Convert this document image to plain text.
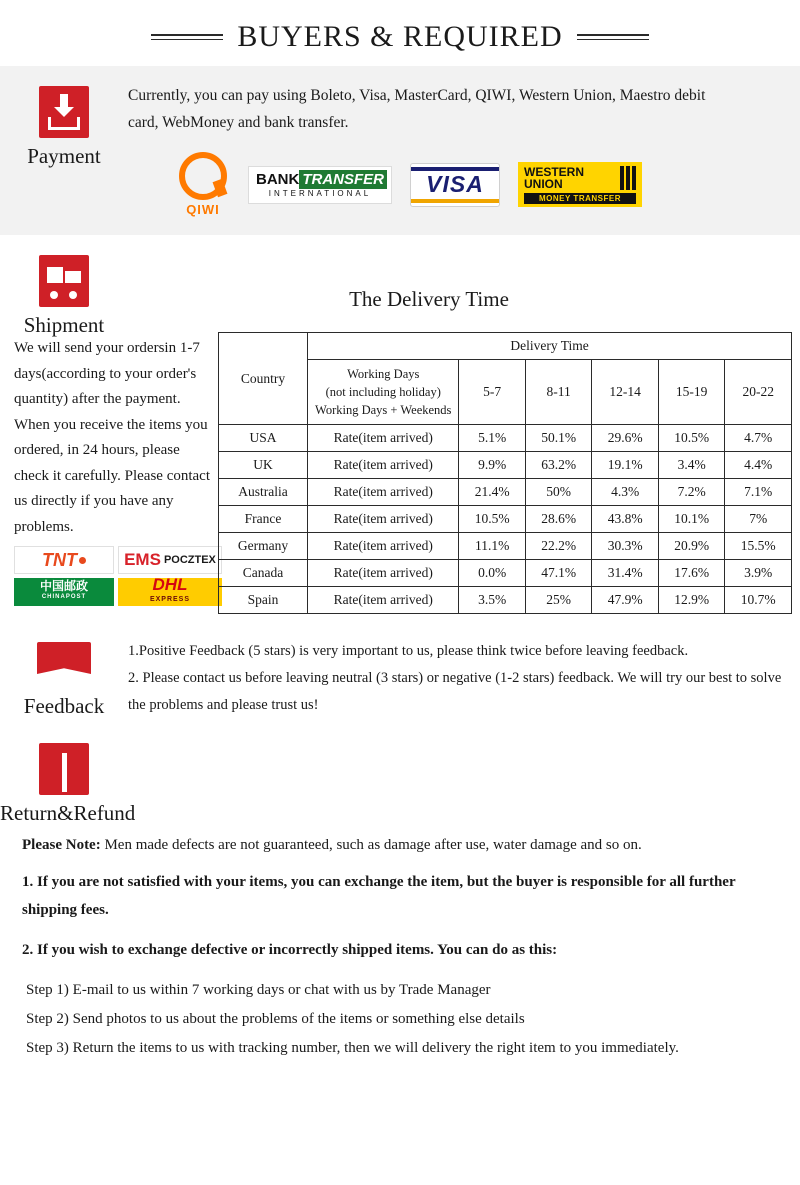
BUYERS & REQUIRED
Payment
Currently, you can pay using Boleto, Visa, MasterCard, QIWI, Western Union, Maestro debit card, WebMoney and bank transfer.
QIWI
BANK TRANSFER
INTERNATIONAL	VISA	WESTERN
UNION
MONEY TRANSFER
Shipment
The Delivery Time
We will send your ordersin 1-7 days(according to your order's quantity) after the payment. When you receive the items you ordered, in 24 hours, please check it carefully. Please contact us directly if you have any problems.
TNT	EMS POCZTEX
中国邮政
CHINAPOST
DHL
EXPRESS
Country	Delivery Time					

	Working Days
(not including holiday)
Working Days + Weekends	5-7	8-11	12-14	15-19	20-22
USA	Rate(item arrived)	5.1%	50.1%	29.6%	10.5%	4.7%
UK	Rate(item arrived)	9.9%	63.2%	19.1%	3.4%	4.4%
Australia	Rate(item arrived)	21.4%	50%	4.3%	7.2%	7.1%
France	Rate(item arrived)	10.5%	28.6%	43.8%	10.1%	7%
Germany	Rate(item arrived)	11.1%	22.2%	30.3%	20.9%	15.5%
Canada	Rate(item arrived)	0.0%	47.1%	31.4%	17.6%	3.9%
Spain	Rate(item arrived)	3.5%	25%	47.9%	12.9%	10.7%
Feedback
1.Positive Feedback (5 stars) is very important to us, please think twice before leaving feedback.
2. Please contact us before leaving neutral (3 stars) or negative (1-2 stars) feedback. We will try our best to solve the problems and please trust us!
Return&Refund
Please Note: Men made defects are not guaranteed, such as damage after use, water damage and so on.
1. If you are not satisfied with your items, you can exchange the item, but the buyer is responsible for all further shipping fees.
2. If you wish to exchange defective or incorrectly shipped items. You can do as this:
Step 1) E-mail to us within 7 working days or chat with us by Trade Manager
Step 2) Send photos to us about the problems of the items or something else details
Step 3) Return the items to us with tracking number, then we will delivery the right item to you immediately.
